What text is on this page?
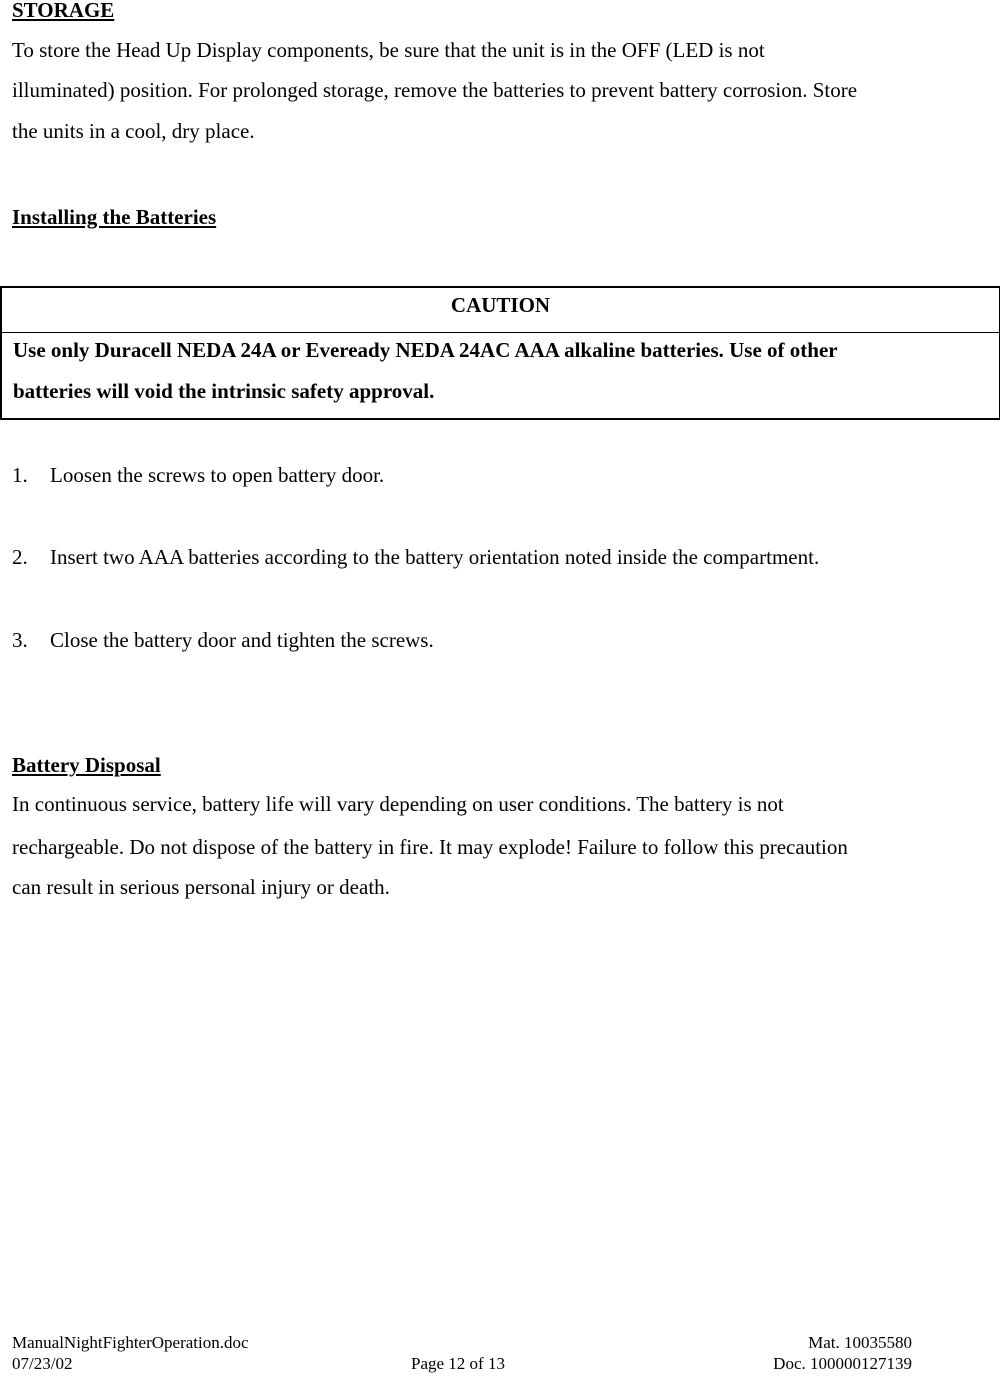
STORAGE
To store the Head Up Display components, be sure that the unit is in the OFF (LED is not
illuminated) position. For prolonged storage, remove the batteries to prevent battery corrosion. Store
the units in a cool, dry place.
Installing the Batteries
CAUTION
Use only Duracell NEDA 24A or Eveready NEDA 24AC AAA alkaline batteries. Use of other
batteries will void the intrinsic safety approval.
1. Loosen the screws to open battery door.
2. Insert two AAA batteries according to the battery orientation noted inside the compartment.
3. Close the battery door and tighten the screws.
Battery Disposal
In continuous service, battery life will vary depending on user conditions. The battery is not
rechargeable. Do not dispose of the battery in fire. It may explode! Failure to follow this precaution
can result in serious personal injury or death.
ManualNightFighterOperation.doc
07/23/02	Page 12 of 13
Mat. 10035580
Doc. 100000127139
